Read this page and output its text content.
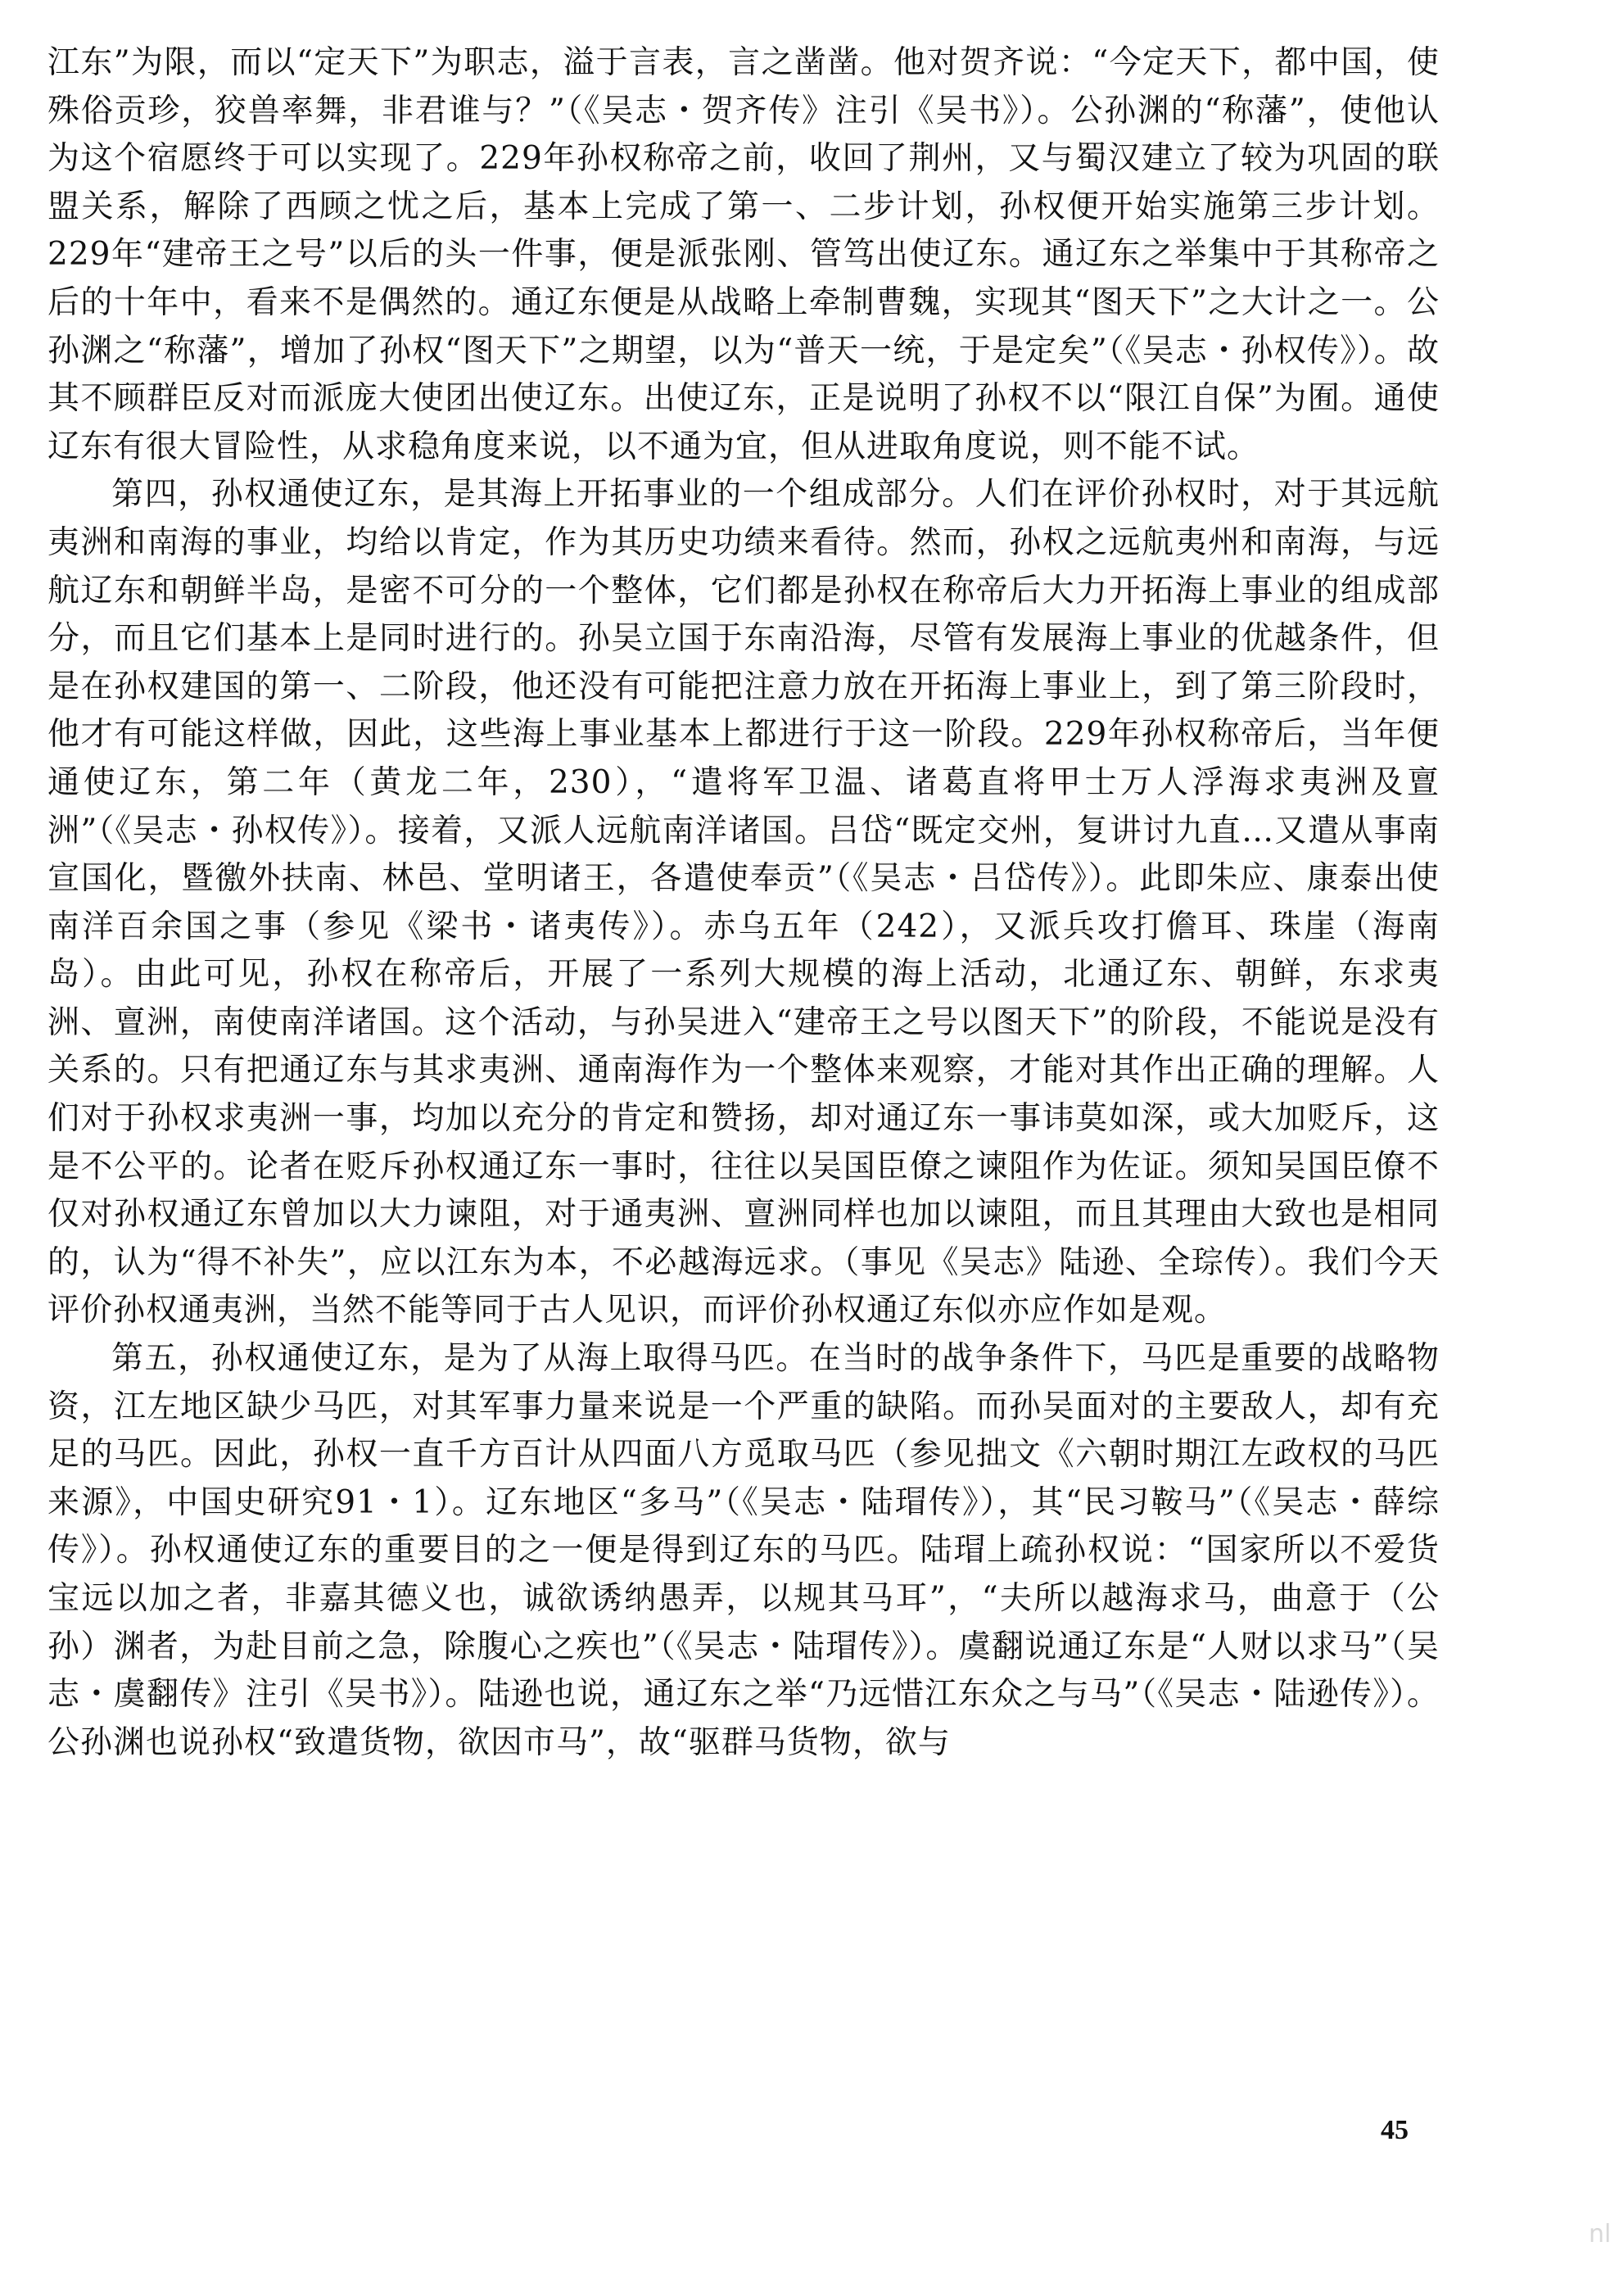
江东”为限，而以“定天下”为职志，溢于言表，言之凿凿。他对贺齐说：“今定天下，都中国，使殊俗贡珍，狡兽率舞，非君谁与？”（《吴志・贺齐传》注引《吴书》）。公孙渊的“称藩”，使他认为这个宿愿终于可以实现了。229年孙权称帝之前，收回了荆州，又与蜀汉建立了较为巩固的联盟关系，解除了西顾之忧之后，基本上完成了第一、二步计划，孙权便开始实施第三步计划。229年“建帝王之号”以后的头一件事，便是派张刚、管笃出使辽东。通辽东之举集中于其称帝之后的十年中，看来不是偶然的。通辽东便是从战略上牵制曹魏，实现其“图天下”之大计之一。公孙渊之“称藩”，增加了孙权“图天下”之期望，以为“普天一统，于是定矣”（《吴志・孙权传》）。故其不顾群臣反对而派庞大使团出使辽东。出使辽东，正是说明了孙权不以“限江自保”为囿。通使辽东有很大冒险性，从求稳角度来说，以不通为宜，但从进取角度说，则不能不试。

第四，孙权通使辽东，是其海上开拓事业的一个组成部分。人们在评价孙权时，对于其远航夷洲和南海的事业，均给以肯定，作为其历史功绩来看待。然而，孙权之远航夷州和南海，与远航辽东和朝鲜半岛，是密不可分的一个整体，它们都是孙权在称帝后大力开拓海上事业的组成部分，而且它们基本上是同时进行的。孙吴立国于东南沿海，尽管有发展海上事业的优越条件，但是在孙权建国的第一、二阶段，他还没有可能把注意力放在开拓海上事业上，到了第三阶段时，他才有可能这样做，因此，这些海上事业基本上都进行于这一阶段。229年孙权称帝后，当年便通使辽东，第二年（黄龙二年，230），“遣将军卫温、诸葛直将甲士万人浮海求夷洲及亶洲”（《吴志・孙权传》）。接着，又派人远航南洋诸国。吕岱“既定交州，复讲讨九直…又遣从事南宣国化，暨徼外扶南、林邑、堂明诸王，各遣使奉贡”（《吴志・吕岱传》）。此即朱应、康泰出使南洋百余国之事（参见《梁书・诸夷传》）。赤乌五年（242），又派兵攻打儋耳、珠崖（海南岛）。由此可见，孙权在称帝后，开展了一系列大规模的海上活动，北通辽东、朝鲜，东求夷洲、亶洲，南使南洋诸国。这个活动，与孙吴进入“建帝王之号以图天下”的阶段，不能说是没有关系的。只有把通辽东与其求夷洲、通南海作为一个整体来观察，才能对其作出正确的理解。人们对于孙权求夷洲一事，均加以充分的肯定和赞扬，却对通辽东一事讳莫如深，或大加贬斥，这是不公平的。论者在贬斥孙权通辽东一事时，往往以吴国臣僚之谏阻作为佐证。须知吴国臣僚不仅对孙权通辽东曾加以大力谏阻，对于通夷洲、亶洲同样也加以谏阻，而且其理由大致也是相同的，认为“得不补失”，应以江东为本，不必越海远求。（事见《吴志》陆逊、全琮传）。我们今天评价孙权通夷洲，当然不能等同于古人见识，而评价孙权通辽东似亦应作如是观。

第五，孙权通使辽东，是为了从海上取得马匹。在当时的战争条件下，马匹是重要的战略物资，江左地区缺少马匹，对其军事力量来说是一个严重的缺陷。而孙吴面对的主要敌人，却有充足的马匹。因此，孙权一直千方百计从四面八方觅取马匹（参见拙文《六朝时期江左政权的马匹来源》，中国史研究91・1）。辽东地区“多马”（《吴志・陆瑁传》），其“民习鞍马”（《吴志・薛综传》）。孙权通使辽东的重要目的之一便是得到辽东的马匹。陆瑁上疏孙权说：“国家所以不爱货宝远以加之者，非嘉其德义也，诚欲诱纳愚弄，以规其马耳”，“夫所以越海求马，曲意于（公孙）渊者，为赴目前之急，除腹心之疾也”（《吴志・陆瑁传》）。虞翻说通辽东是“人财以求马”（吴志・虞翻传》注引《吴书》）。陆逊也说，通辽东之举“乃远惜江东众之与马”（《吴志・陆逊传》）。公孙渊也说孙权“致遣货物，欲因市马”，故“驱群马货物，欲与

45
nl
